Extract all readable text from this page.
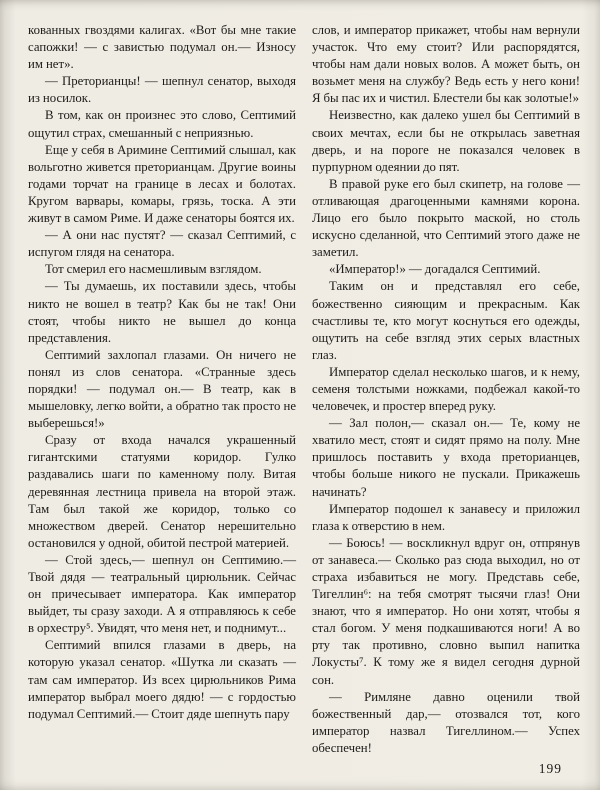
кованных гвоздями калигах. «Вот бы мне такие сапожки! — с завистью подумал он.— Износу им нет».

— Преторианцы! — шепнул сенатор, выходя из носилок.

В том, как он произнес это слово, Септимий ощутил страх, смешанный с неприязнью.

Еще у себя в Аримине Септимий слышал, как вольготно живется преторианцам. Другие воины годами торчат на границе в лесах и болотах. Кругом варвары, комары, грязь, тоска. А эти живут в самом Риме. И даже сенаторы боятся их.

— А они нас пустят? — сказал Септимий, с испугом глядя на сенатора.

Тот смерил его насмешливым взглядом.

— Ты думаешь, их поставили здесь, чтобы никто не вошел в театр? Как бы не так! Они стоят, чтобы никто не вышел до конца представления.

Септимий захлопал глазами. Он ничего не понял из слов сенатора. «Странные здесь порядки! — подумал он.— В театр, как в мышеловку, легко войти, а обратно так просто не выберешься!»

Сразу от входа начался украшенный гигантскими статуями коридор. Гулко раздавались шаги по каменному полу. Витая деревянная лестница привела на второй этаж. Там был такой же коридор, только со множеством дверей. Сенатор нерешительно остановился у одной, обитой пестрой материей.

— Стой здесь,— шепнул он Септимию.— Твой дядя — театральный цирюльник. Сейчас он причесывает императора. Как император выйдет, ты сразу заходи. А я отправляюсь к себе в орхестру⁵. Увидят, что меня нет, и поднимут...

Септимий впился глазами в дверь, на которую указал сенатор. «Шутка ли сказать — там сам император. Из всех цирюльников Рима император выбрал моего дядю! — с гордостью подумал Септимий.— Стоит дяде шепнуть пару

слов, и император прикажет, чтобы нам вернули участок. Что ему стоит? Или распорядятся, чтобы нам дали новых волов. А может быть, он возьмет меня на службу? Ведь есть у него кони! Я бы пас их и чистил. Блестели бы как золотые!»

Неизвестно, как далеко ушел бы Септимий в своих мечтах, если бы не открылась заветная дверь, и на пороге не показался человек в пурпурном одеянии до пят.

В правой руке его был скипетр, на голове — отливающая драгоценными камнями корона. Лицо его было покрыто маской, но столь искусно сделанной, что Септимий этого даже не заметил.

«Император!» — догадался Септимий.

Таким он и представлял его себе, божественно сияющим и прекрасным. Как счастливы те, кто могут коснуться его одежды, ощутить на себе взгляд этих серых властных глаз.

Император сделал несколько шагов, и к нему, семеня толстыми ножками, подбежал какой-то человечек, и простер вперед руку.

— Зал полон,— сказал он.— Те, кому не хватило мест, стоят и сидят прямо на полу. Мне пришлось поставить у входа преторианцев, чтобы больше никого не пускали. Прикажешь начинать?

Император подошел к занавесу и приложил глаза к отверстию в нем.

— Боюсь! — воскликнул вдруг он, отпрянув от занавеса.— Сколько раз сюда выходил, но от страха избавиться не могу. Представь себе, Тигеллин⁶: на тебя смотрят тысячи глаз! Они знают, что я император. Но они хотят, чтобы я стал богом. У меня подкашиваются ноги! А во рту так противно, словно выпил напитка Локусты⁷. К тому же я видел сегодня дурной сон.

— Римляне давно оценили твой божественный дар,— отозвался тот, кого император назвал Тигеллином.— Успех обеспечен!

199
